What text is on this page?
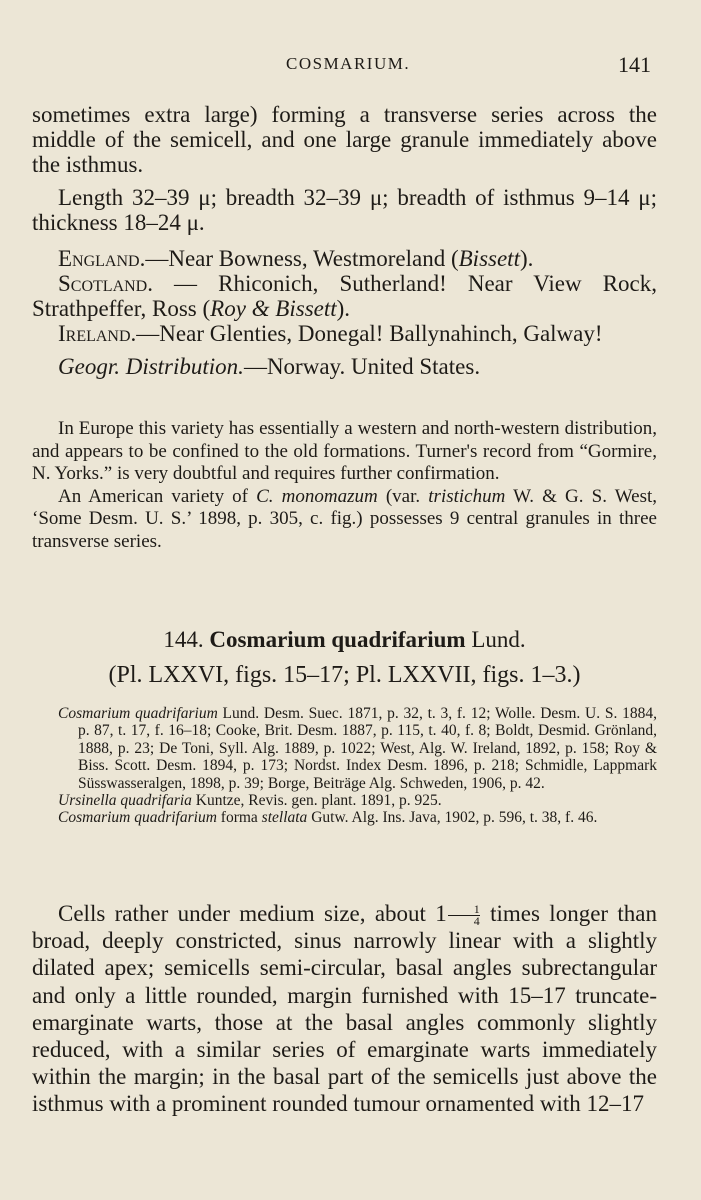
COSMARIUM.	141

sometimes extra large) forming a transverse series across the middle of the semicell, and one large granule immediately above the isthmus.

Length 32–39 μ; breadth 32–39 μ; breadth of isthmus 9–14 μ; thickness 18–24 μ.

England.—Near Bowness, Westmoreland (Bissett).

Scotland. — Rhiconich, Sutherland! Near View Rock, Strathpeffer, Ross (Roy & Bissett).

Ireland.—Near Glenties, Donegal! Ballynahinch, Galway!

Geogr. Distribution.—Norway. United States.

In Europe this variety has essentially a western and north-western distribution, and appears to be confined to the old formations. Turner's record from “Gormire, N. Yorks.” is very doubtful and requires further confirmation.

An American variety of C. monomazum (var. tristichum W. & G. S. West, ‘Some Desm. U. S.’ 1898, p. 305, c. fig.) possesses 9 central granules in three transverse series.

144. Cosmarium quadrifarium Lund.

(Pl. LXXVI, figs. 15–17; Pl. LXXVII, figs. 1–3.)

Cosmarium quadrifarium Lund. Desm. Suec. 1871, p. 32, t. 3, f. 12; Wolle. Desm. U. S. 1884, p. 87, t. 17, f. 16–18; Cooke, Brit. Desm. 1887, p. 115, t. 40, f. 8; Boldt, Desmid. Grönland, 1888, p. 23; De Toni, Syll. Alg. 1889, p. 1022; West, Alg. W. Ireland, 1892, p. 158; Roy & Biss. Scott. Desm. 1894, p. 173; Nordst. Index Desm. 1896, p. 218; Schmidle, Lappmark Süsswasseralgen, 1898, p. 39; Borge, Beiträge Alg. Schweden, 1906, p. 42.

Ursinella quadrifaria Kuntze, Revis. gen. plant. 1891, p. 925.

Cosmarium quadrifarium forma stellata Gutw. Alg. Ins. Java, 1902, p. 596, t. 38, f. 46.

Cells rather under medium size, about $1 \frac{1}{4}$ times longer than broad, deeply constricted, sinus narrowly linear with a slightly dilated apex; semicells semi-circular, basal angles subrectangular and only a little rounded, margin furnished with 15–17 truncate-emarginate warts, those at the basal angles commonly slightly reduced, with a similar series of emarginate warts immediately within the margin; in the basal part of the semicells just above the isthmus with a prominent rounded tumour ornamented with 12–17
